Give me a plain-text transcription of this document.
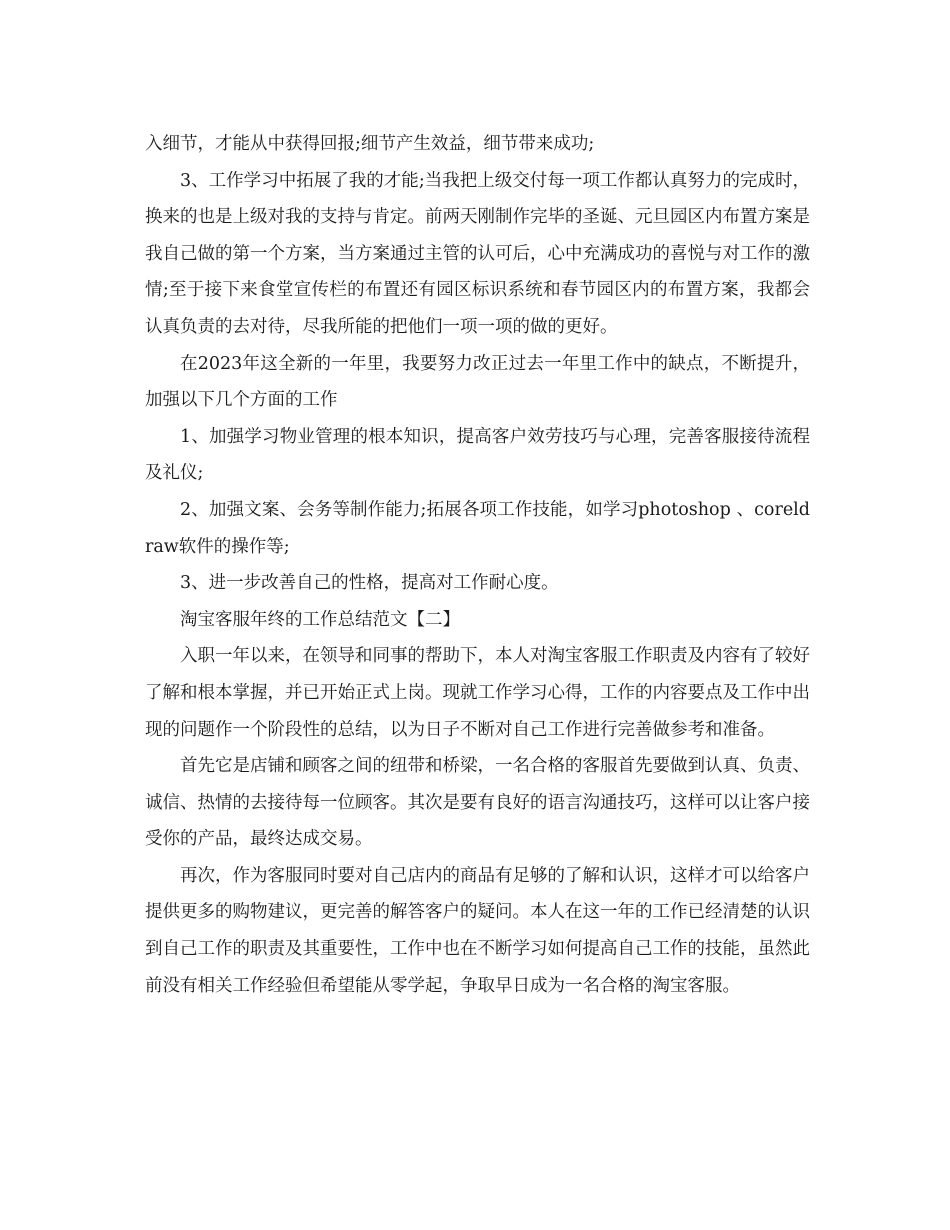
入细节，才能从中获得回报;细节产生效益，细节带来成功;

3、工作学习中拓展了我的才能;当我把上级交付每一项工作都认真努力的完成时，换来的也是上级对我的支持与肯定。前两天刚制作完毕的圣诞、元旦园区内布置方案是我自己做的第一个方案，当方案通过主管的认可后，心中充满成功的喜悦与对工作的激情;至于接下来食堂宣传栏的布置还有园区标识系统和春节园区内的布置方案，我都会认真负责的去对待，尽我所能的把他们一项一项的做的更好。

在2023年这全新的一年里，我要努力改正过去一年里工作中的缺点，不断提升，加强以下几个方面的工作

1、加强学习物业管理的根本知识，提高客户效劳技巧与心理，完善客服接待流程及礼仪;

2、加强文案、会务等制作能力;拓展各项工作技能，如学习photoshop 、coreldraw软件的操作等;

3、进一步改善自己的性格，提高对工作耐心度。

淘宝客服年终的工作总结范文【二】

入职一年以来，在领导和同事的帮助下，本人对淘宝客服工作职责及内容有了较好了解和根本掌握，并已开始正式上岗。现就工作学习心得，工作的内容要点及工作中出现的问题作一个阶段性的总结，以为日子不断对自己工作进行完善做参考和准备。

首先它是店铺和顾客之间的纽带和桥梁，一名合格的客服首先要做到认真、负责、诚信、热情的去接待每一位顾客。其次是要有良好的语言沟通技巧，这样可以让客户接受你的产品，最终达成交易。

再次，作为客服同时要对自己店内的商品有足够的了解和认识，这样才可以给客户提供更多的购物建议，更完善的解答客户的疑问。本人在这一年的工作已经清楚的认识到自己工作的职责及其重要性，工作中也在不断学习如何提高自己工作的技能，虽然此前没有相关工作经验但希望能从零学起，争取早日成为一名合格的淘宝客服。
